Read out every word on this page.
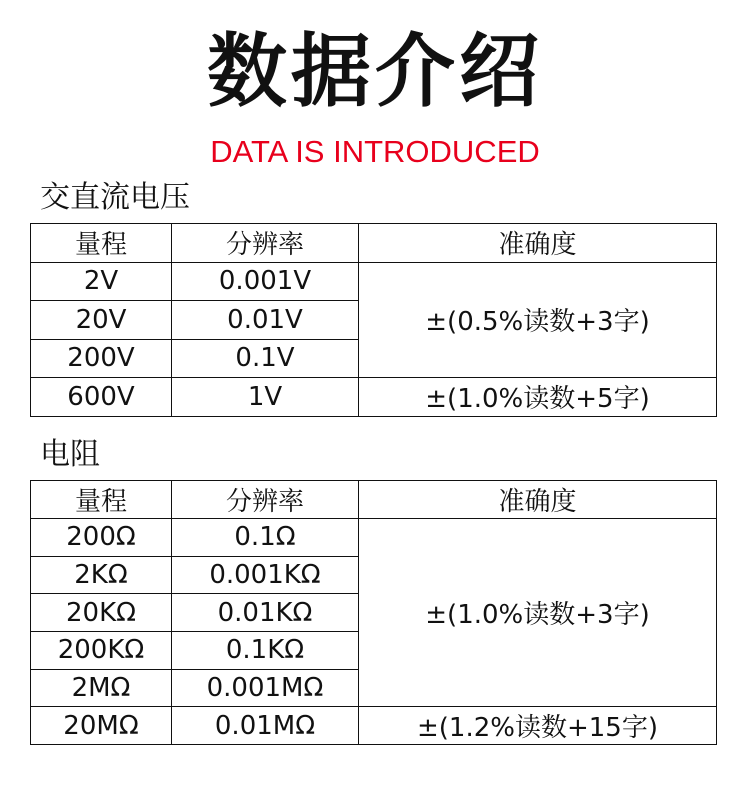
数据介绍
DATA IS INTRODUCED
交直流电压
量程	分辨率	准确度
2V	0.001V	±(0.5%读数+3字)
20V	0.01V	
200V	0.1V	
600V	1V	±(1.0%读数+5字)
电阻
量程	分辨率	准确度
200Ω	0.1Ω	±(1.0%读数+3字)
2KΩ	0.001KΩ	
20KΩ	0.01KΩ	
200KΩ	0.1KΩ	
2MΩ	0.001MΩ	
20MΩ	0.01MΩ	±(1.2%读数+15字)
